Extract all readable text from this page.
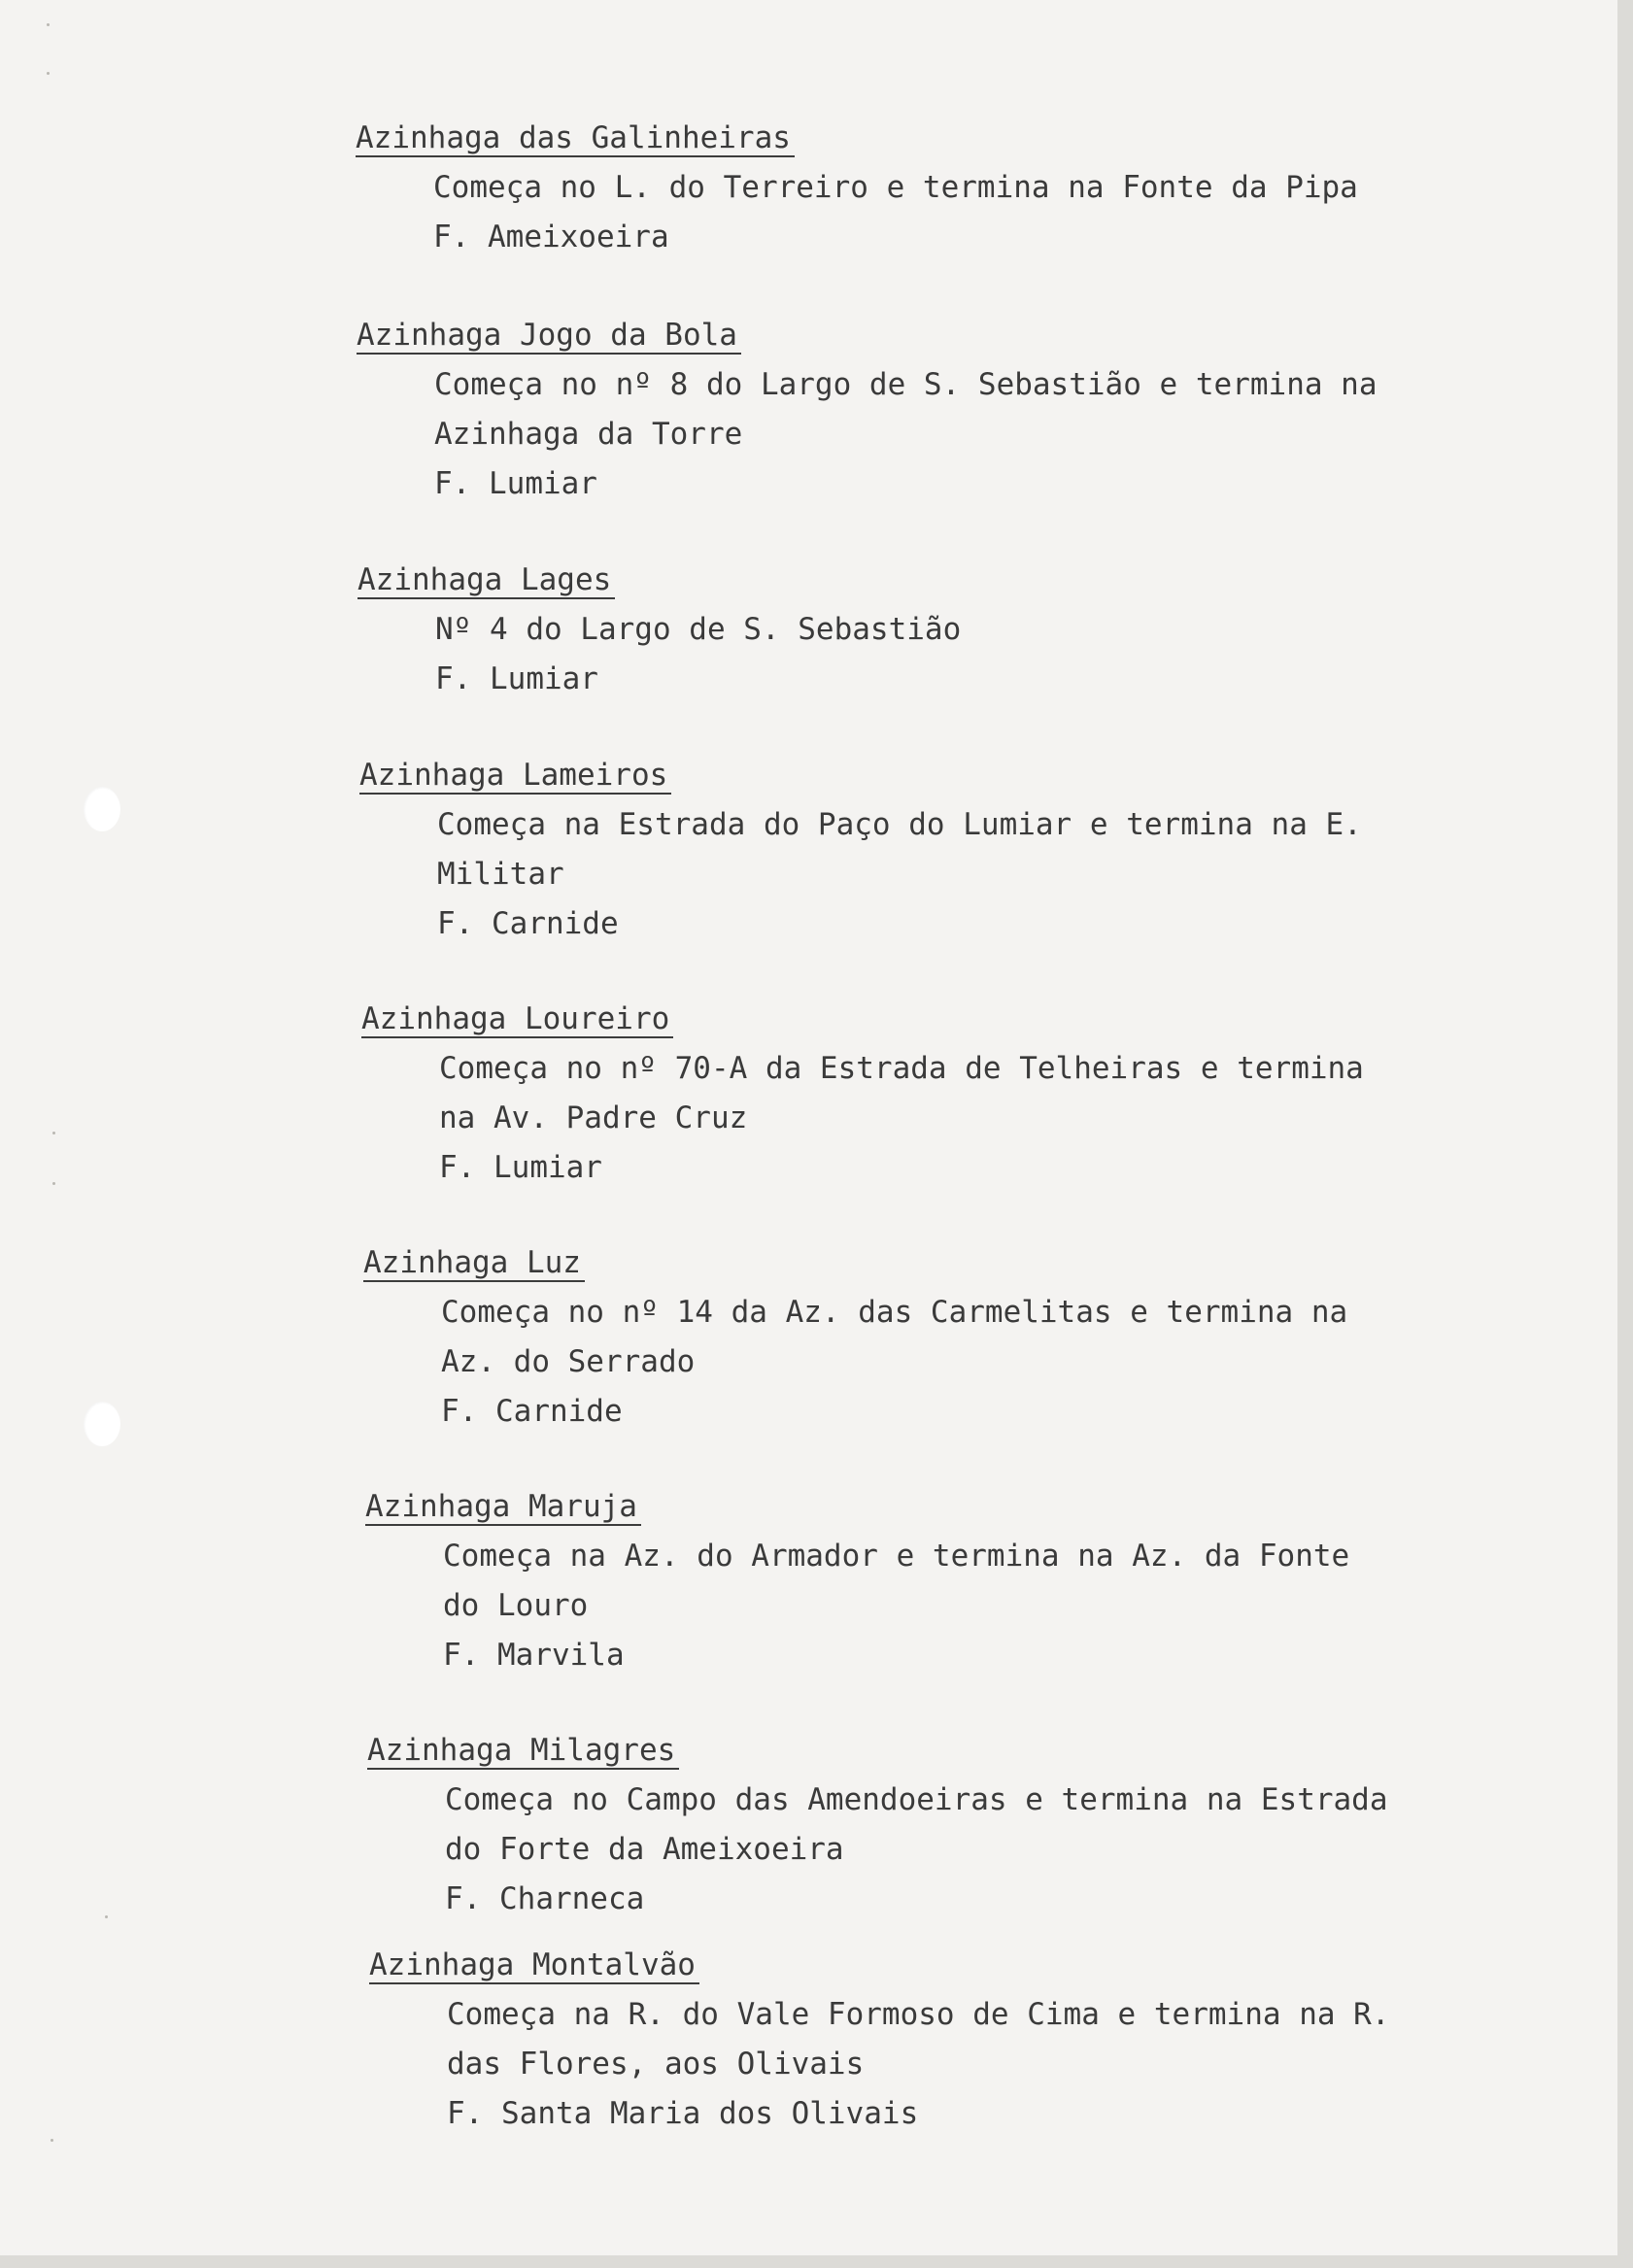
Azinhaga das Galinheiras
Começa no L. do Terreiro e termina na Fonte da Pipa
F. Ameixoeira
Azinhaga Jogo da Bola
Começa no nº 8 do Largo de S. Sebastião e termina na
Azinhaga da Torre
F. Lumiar
Azinhaga Lages
Nº 4 do Largo de S. Sebastião
F. Lumiar
Azinhaga Lameiros
Começa na Estrada do Paço do Lumiar e termina na E.
Militar
F. Carnide
Azinhaga Loureiro
Começa no nº 70-A da Estrada de Telheiras e termina
na Av. Padre Cruz
F. Lumiar
Azinhaga Luz
Começa no nº 14 da Az. das Carmelitas e termina na
Az. do Serrado
F. Carnide
Azinhaga Maruja
Começa na Az. do Armador e termina na Az. da Fonte
do Louro
F. Marvila
Azinhaga Milagres
Começa no Campo das Amendoeiras e termina na Estrada
do Forte da Ameixoeira
F. Charneca
Azinhaga Montalvão
Começa na R. do Vale Formoso de Cima e termina na R.
das Flores, aos Olivais
F. Santa Maria dos Olivais
